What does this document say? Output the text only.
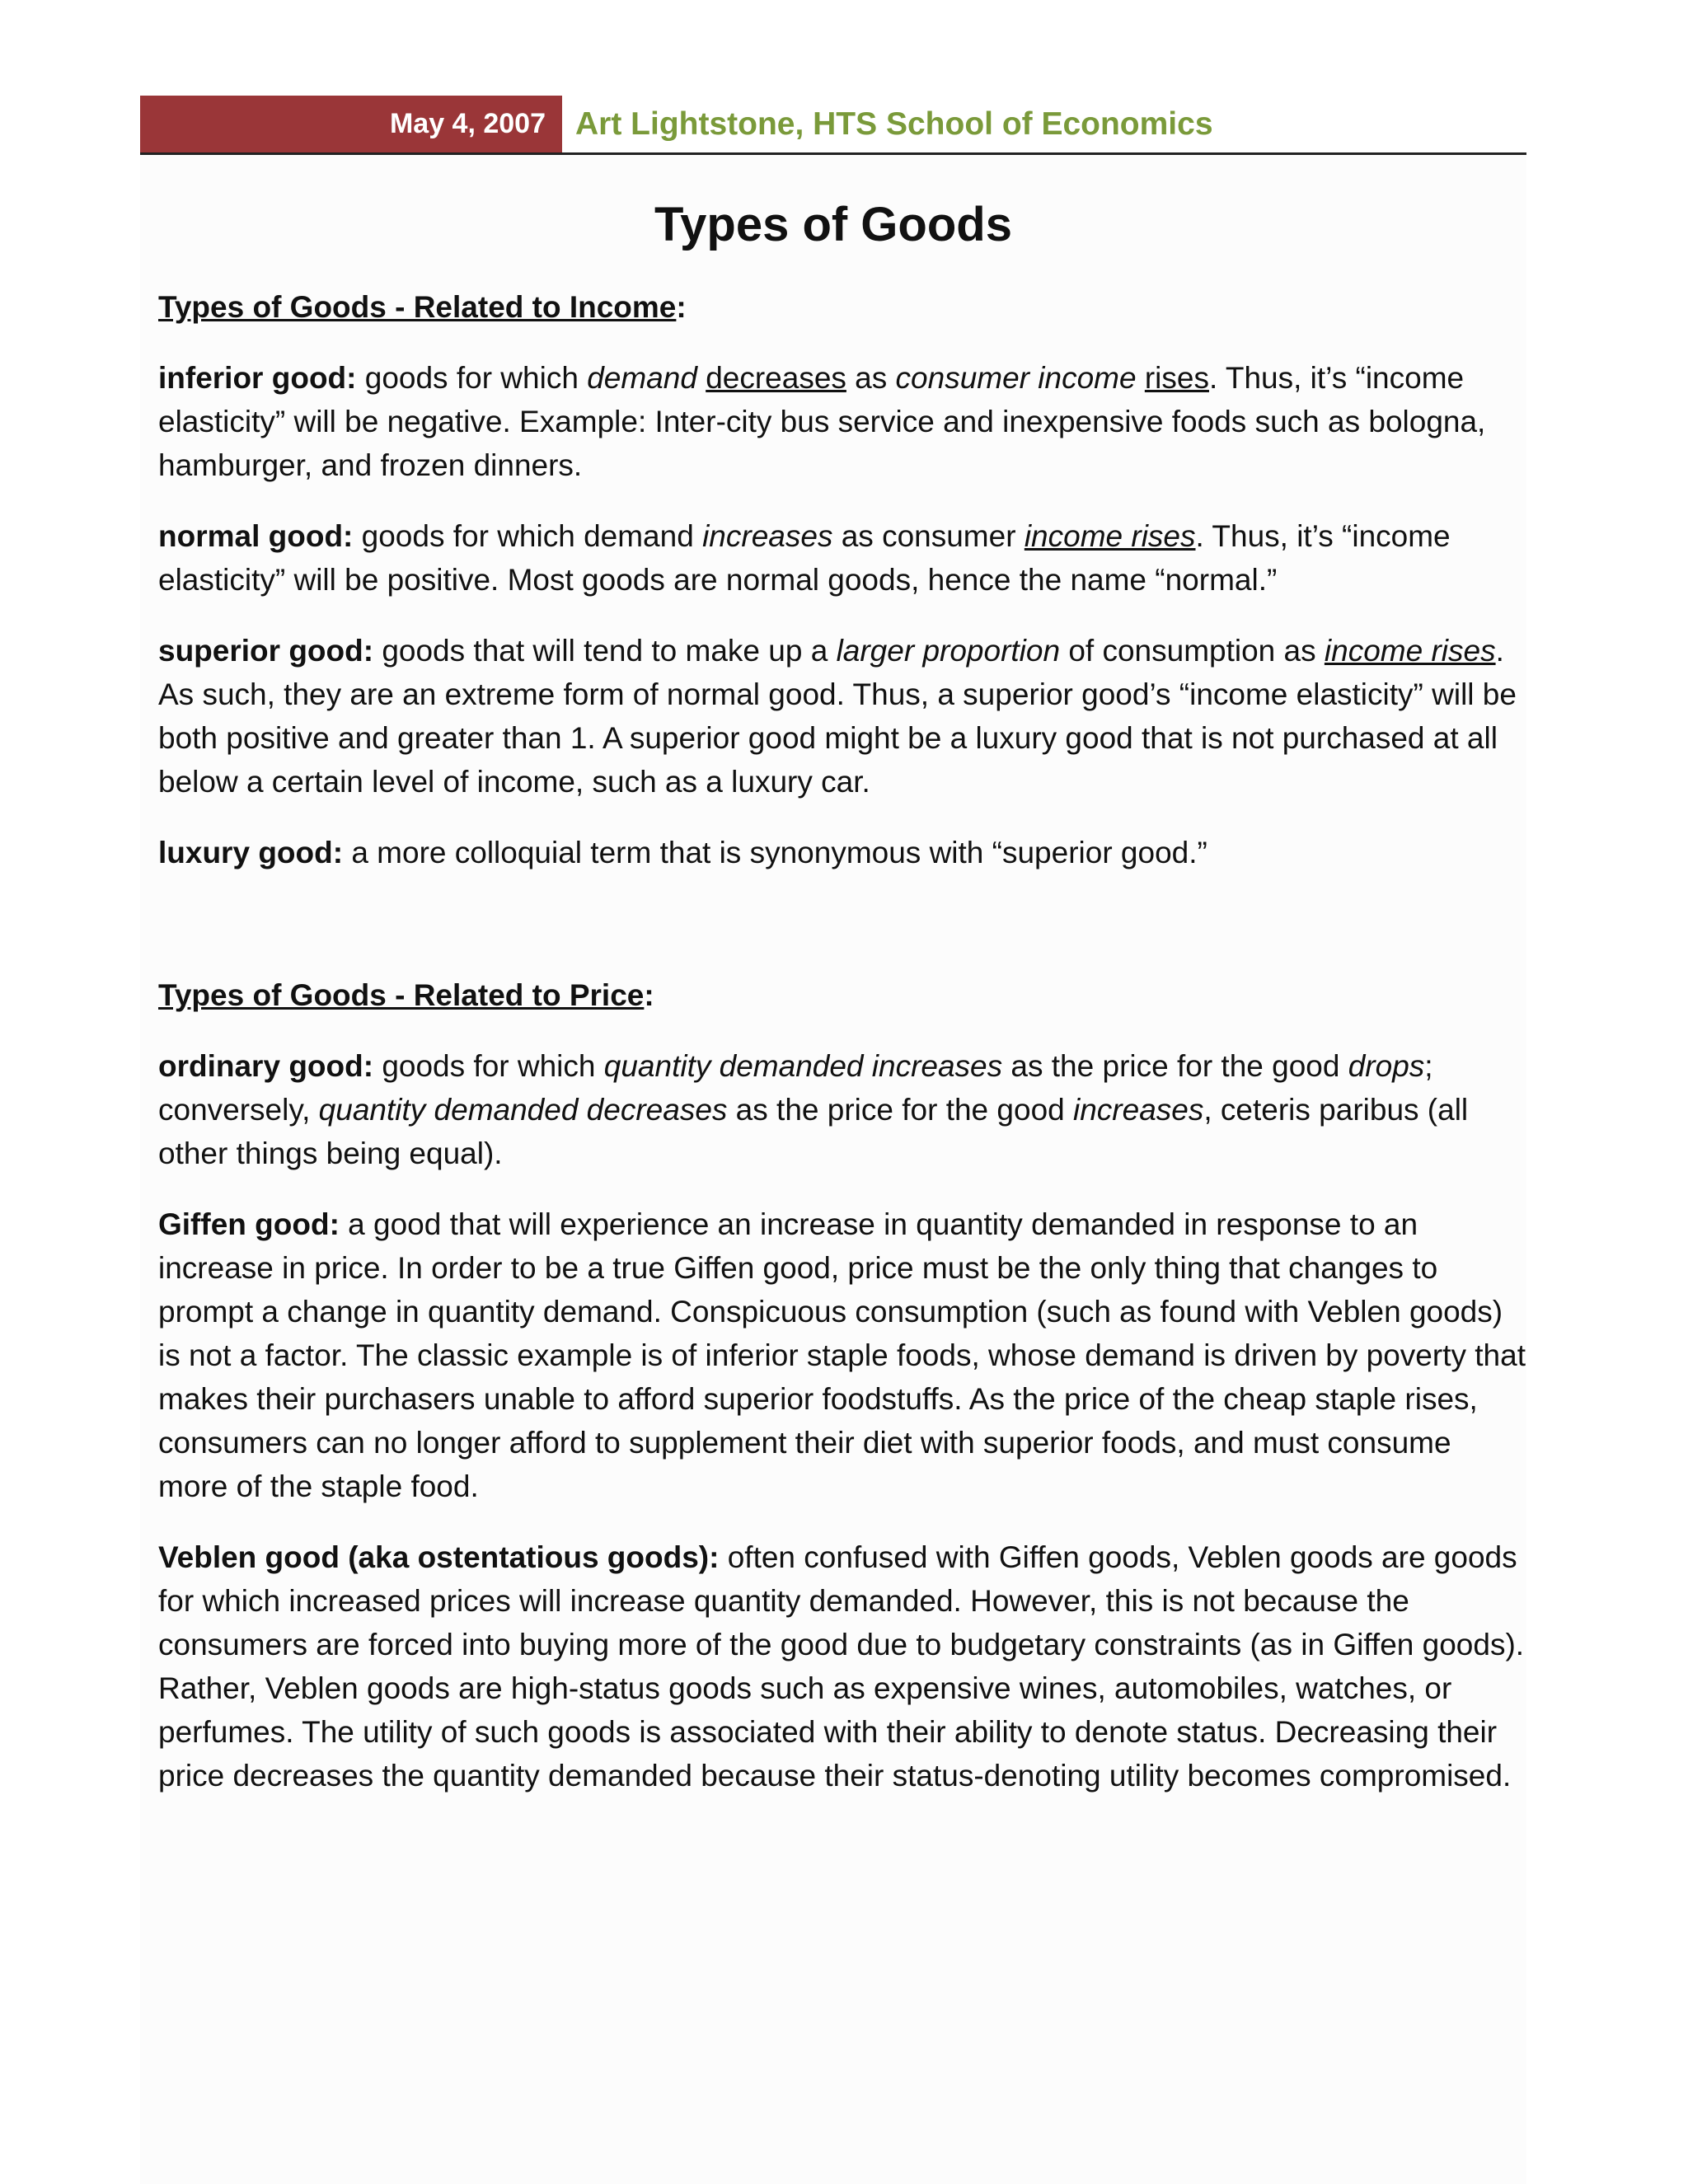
May 4, 2007 Art Lightstone, HTS School of Economics
Types of Goods

Types of Goods - Related to Income:

inferior good: goods for which demand decreases as consumer income rises. Thus, it’s “income elasticity” will be negative. Example: Inter-city bus service and inexpensive foods such as bologna, hamburger, and frozen dinners.

normal good: goods for which demand increases as consumer income rises. Thus, it’s “income elasticity” will be positive. Most goods are normal goods, hence the name “normal.”

superior good: goods that will tend to make up a larger proportion of consumption as income rises. As such, they are an extreme form of normal good. Thus, a superior good’s “income elasticity” will be both positive and greater than 1. A superior good might be a luxury good that is not purchased at all below a certain level of income, such as a luxury car.

luxury good: a more colloquial term that is synonymous with “superior good.”

Types of Goods - Related to Price:

ordinary good: goods for which quantity demanded increases as the price for the good drops; conversely, quantity demanded decreases as the price for the good increases, ceteris paribus (all other things being equal).

Giffen good: a good that will experience an increase in quantity demanded in response to an increase in price. In order to be a true Giffen good, price must be the only thing that changes to prompt a change in quantity demand. Conspicuous consumption (such as found with Veblen goods) is not a factor. The classic example is of inferior staple foods, whose demand is driven by poverty that makes their purchasers unable to afford superior foodstuffs. As the price of the cheap staple rises, consumers can no longer afford to supplement their diet with superior foods, and must consume more of the staple food.

Veblen good (aka ostentatious goods): often confused with Giffen goods, Veblen goods are goods for which increased prices will increase quantity demanded. However, this is not because the consumers are forced into buying more of the good due to budgetary constraints (as in Giffen goods). Rather, Veblen goods are high-status goods such as expensive wines, automobiles, watches, or perfumes. The utility of such goods is associated with their ability to denote status. Decreasing their price decreases the quantity demanded because their status-denoting utility becomes compromised.
